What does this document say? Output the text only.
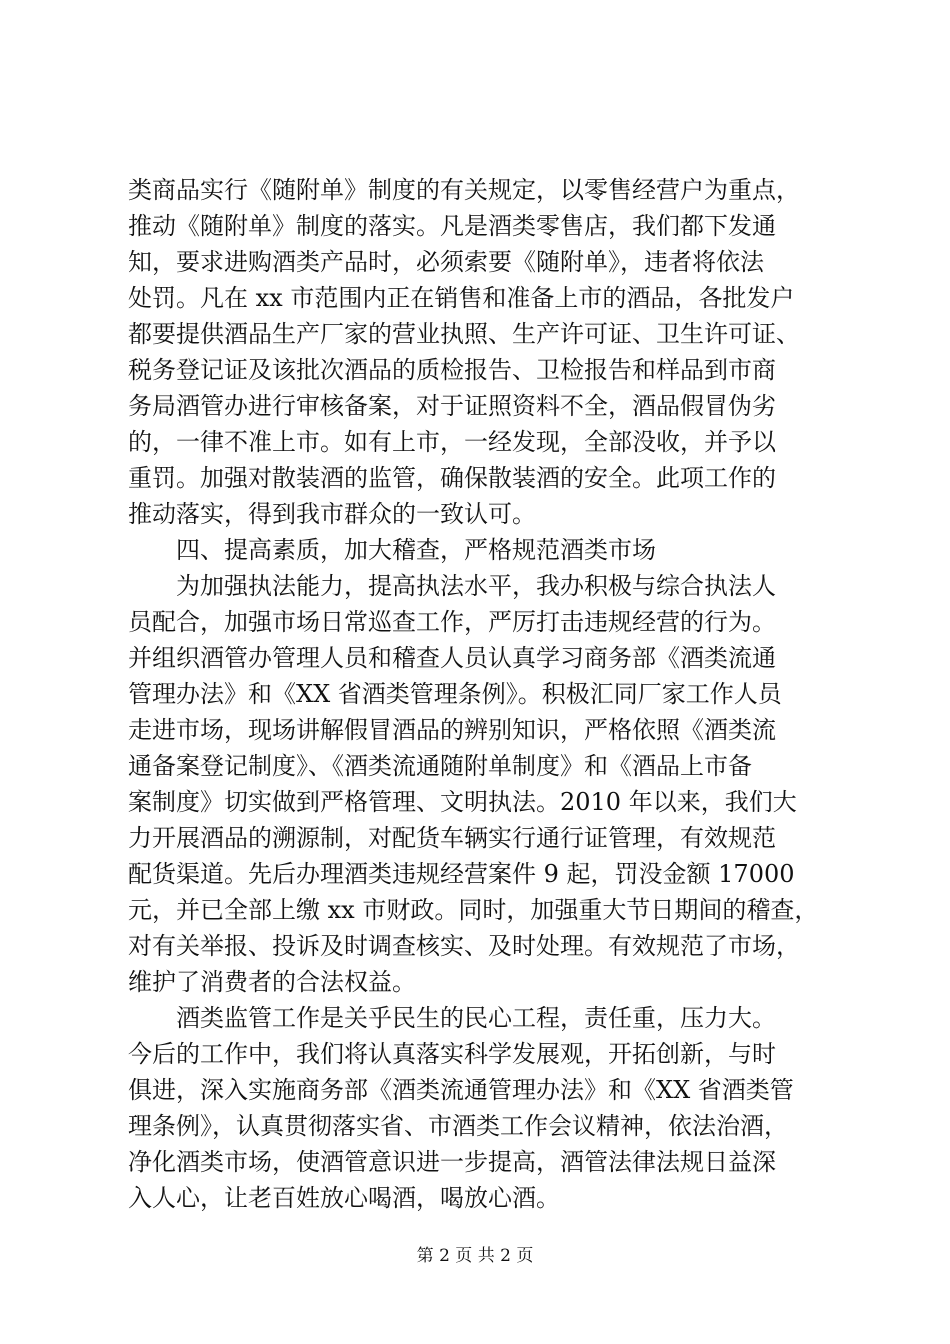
类商品实行《随附单》制度的有关规定，以零售经营户为重点，
推动《随附单》制度的落实。凡是酒类零售店，我们都下发通
知，要求进购酒类产品时，必须索要《随附单》，违者将依法
处罚。凡在 xx 市范围内正在销售和准备上市的酒品，各批发户
都要提供酒品生产厂家的营业执照、生产许可证、卫生许可证、
税务登记证及该批次酒品的质检报告、卫检报告和样品到市商
务局酒管办进行审核备案，对于证照资料不全，酒品假冒伪劣
的，一律不准上市。如有上市，一经发现，全部没收，并予以
重罚。加强对散装酒的监管，确保散装酒的安全。此项工作的
推动落实，得到我市群众的一致认可。
四、提高素质，加大稽查，严格规范酒类市场
为加强执法能力，提高执法水平，我办积极与综合执法人
员配合，加强市场日常巡查工作，严厉打击违规经营的行为。
并组织酒管办管理人员和稽查人员认真学习商务部《酒类流通
管理办法》和《XX 省酒类管理条例》。积极汇同厂家工作人员
走进市场，现场讲解假冒酒品的辨别知识，严格依照《酒类流
通备案登记制度》、《酒类流通随附单制度》和《酒品上市备
案制度》切实做到严格管理、文明执法。2010 年以来，我们大
力开展酒品的溯源制，对配货车辆实行通行证管理，有效规范
配货渠道。先后办理酒类违规经营案件 9 起，罚没金额 17000
元，并已全部上缴 xx 市财政。同时，加强重大节日期间的稽查，
对有关举报、投诉及时调查核实、及时处理。有效规范了市场，
维护了消费者的合法权益。
酒类监管工作是关乎民生的民心工程，责任重，压力大。
今后的工作中，我们将认真落实科学发展观，开拓创新，与时
俱进，深入实施商务部《酒类流通管理办法》和《XX 省酒类管
理条例》，认真贯彻落实省、市酒类工作会议精神，依法治酒，
净化酒类市场，使酒管意识进一步提高，酒管法律法规日益深
入人心，让老百姓放心喝酒，喝放心酒。
第 2 页 共 2 页
